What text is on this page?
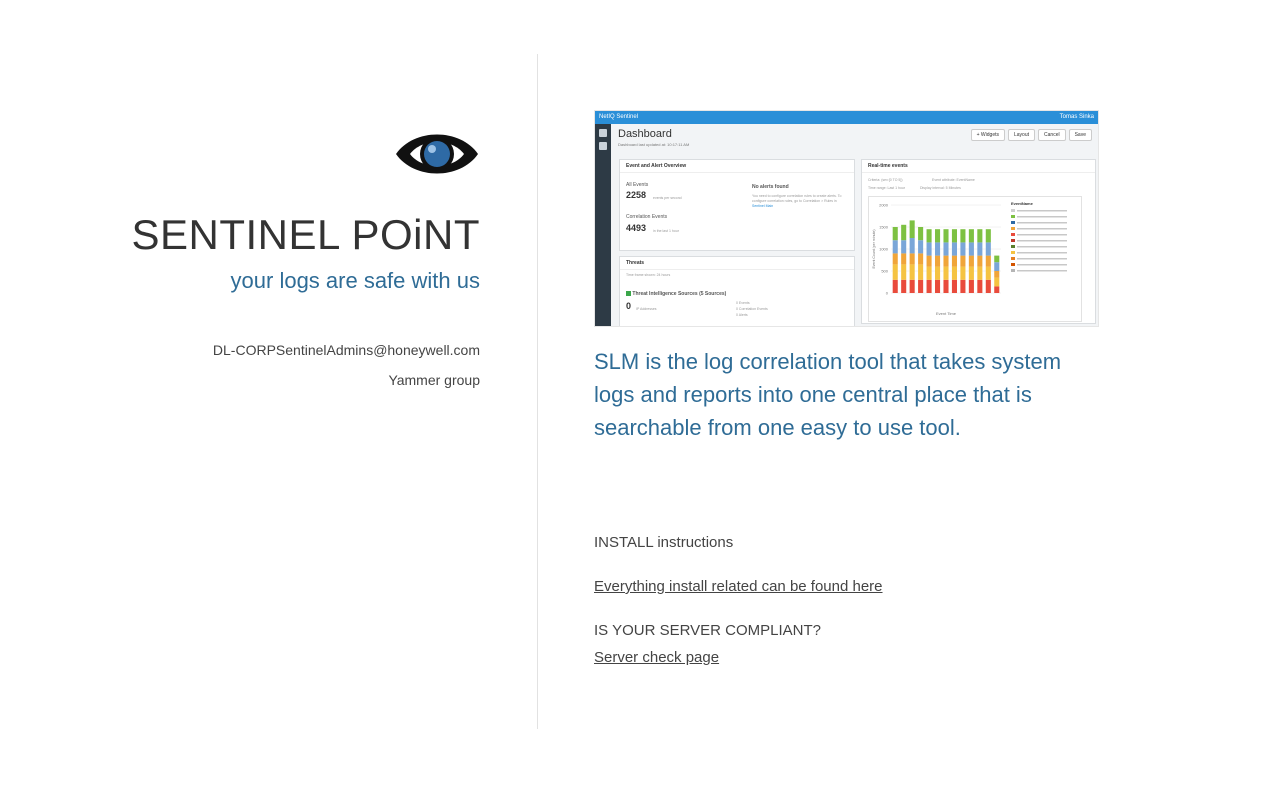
SENTINEL POiNT
your logs are safe with us
DL-CORPSentinelAdmins@honeywell.com
Yammer group
NetIQ Sentinel	Tomas Sinka
Dashboard
Dashboard last updated at: 10:17:11 AM
+ Widgets	Layout	Cancel	Save
Event and Alert Overview
All Events
2258 events per second
Correlation Events
4493 in the last 1 hour
No alerts found
You need to configure correlation rules to create alerts. To configure correlation rules, go to Correlation > Rules in Sentinel Main
Threats
Time frame shown: 24 hours
Threat Intelligence Sources (5 Sources)
0 IP Addresses
0 Events
0 Correlation Events
0 Alerts
Real-time events
Criteria: (sev:[0 TO 5])	Event attribute: EventName
Time range: Last 1 hour	Display interval: 5 Minutes
0
500
1000
1500
2000
Event Time
Event Count (per minute)
EventName
SLM is the log correlation tool that takes system logs and reports into one central place that is searchable from one easy to use tool.
INSTALL instructions
Everything install related can be found here
IS YOUR SERVER COMPLIANT?
Server check page
